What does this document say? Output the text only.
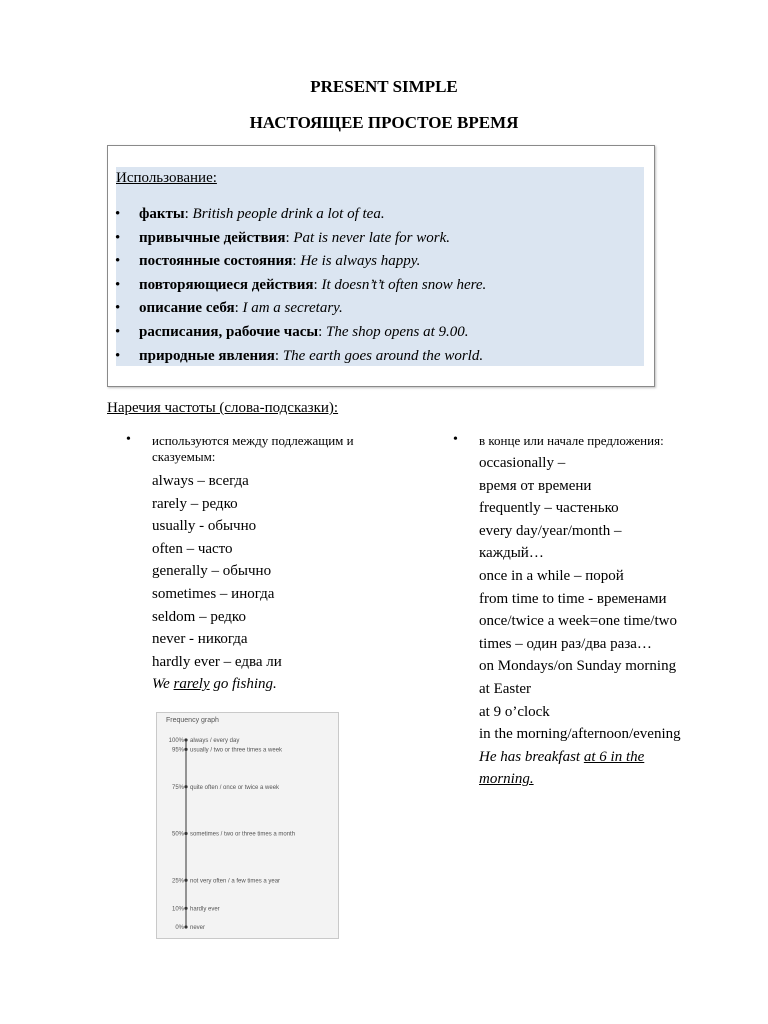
PRESENT SIMPLE
НАСТОЯЩЕЕ ПРОСТОЕ ВРЕМЯ
Использование:
• факты: British people drink a lot of tea.
• привычные действия: Pat is never late for work.
• постоянные состояния: He is always happy.
• повторяющиеся действия: It doesn’t’t often snow here.
• описание себя: I am a secretary.
• расписания, рабочие часы: The shop opens at 9.00.
• природные явления: The earth goes around the world.
Наречия частоты (слова-подсказки):
• используются между подлежащим и сказуемым:
always – всегда
rarely – редко
usually - обычно
often – часто
generally – обычно
sometimes – иногда
seldom – редко
never - никогда
hardly ever – едва ли
We rarely go fishing.
• в конце или начале предложения:
occasionally –
время от времени
frequently – частенько
every day/year/month –
каждый…
once in a while – порой
from time to time - временами
once/twice a week=one time/two
times – один раз/два раза…
on Mondays/on Sunday morning
at Easter
at 9 o’clock
in the morning/afternoon/evening
He has breakfast at 6 in the
morning.
Frequency graph
100% always / every day
95% usually / two or three times a week
75% quite often / once or twice a week
50% sometimes / two or three times a month
25% not very often / a few times a year
10% hardly ever
0% never
